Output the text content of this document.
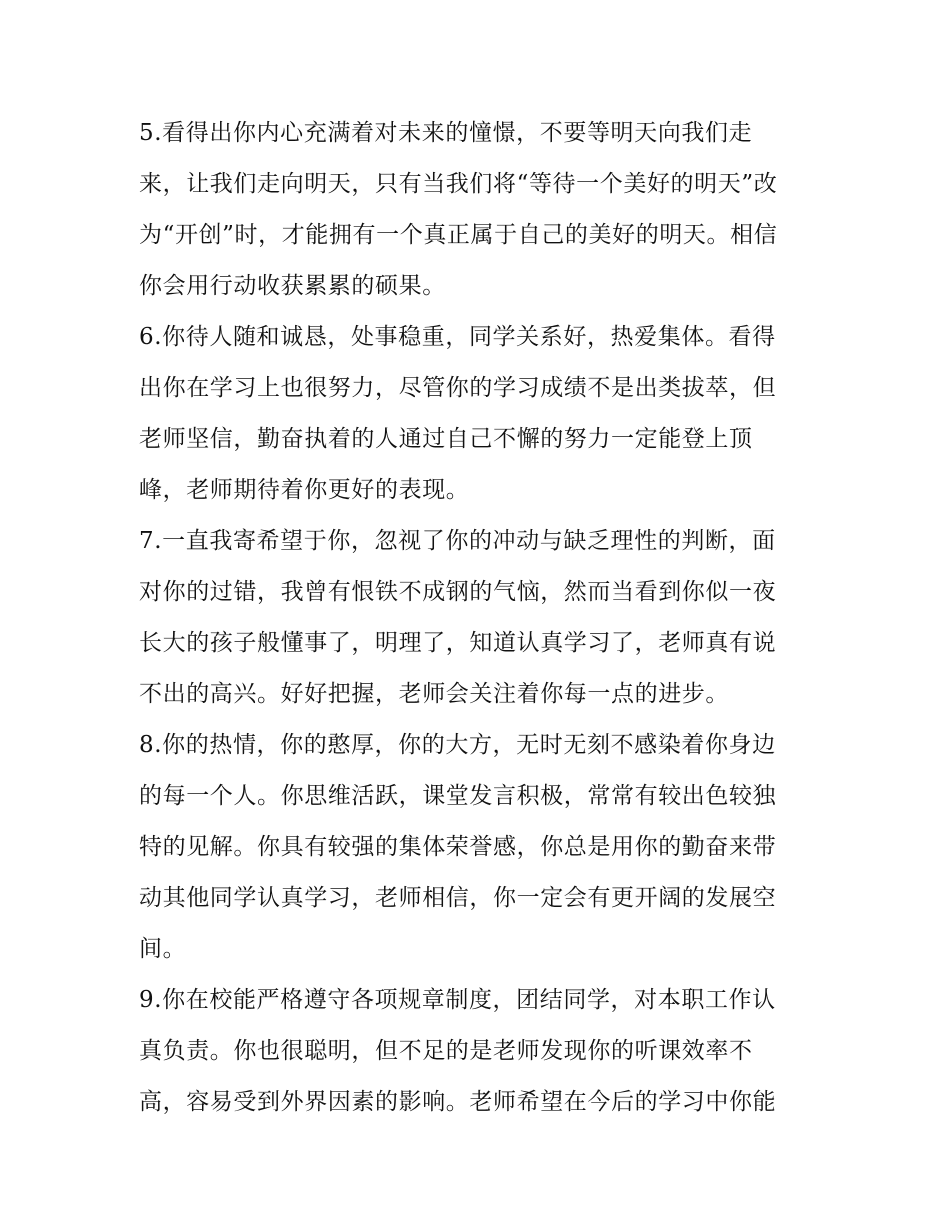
5.看得出你内心充满着对未来的憧憬，不要等明天向我们走
来，让我们走向明天，只有当我们将“等待一个美好的明天”改
为“开创”时，才能拥有一个真正属于自己的美好的明天。相信
你会用行动收获累累的硕果。
6.你待人随和诚恳，处事稳重，同学关系好，热爱集体。看得
出你在学习上也很努力，尽管你的学习成绩不是出类拔萃，但
老师坚信，勤奋执着的人通过自己不懈的努力一定能登上顶
峰，老师期待着你更好的表现。
7.一直我寄希望于你，忽视了你的冲动与缺乏理性的判断，面
对你的过错，我曾有恨铁不成钢的气恼，然而当看到你似一夜
长大的孩子般懂事了，明理了，知道认真学习了，老师真有说
不出的高兴。好好把握，老师会关注着你每一点的进步。
8.你的热情，你的憨厚，你的大方，无时无刻不感染着你身边
的每一个人。你思维活跃，课堂发言积极，常常有较出色较独
特的见解。你具有较强的集体荣誉感，你总是用你的勤奋来带
动其他同学认真学习，老师相信，你一定会有更开阔的发展空
间。
9.你在校能严格遵守各项规章制度，团结同学，对本职工作认
真负责。你也很聪明，但不足的是老师发现你的听课效率不
高，容易受到外界因素的影响。老师希望在今后的学习中你能
